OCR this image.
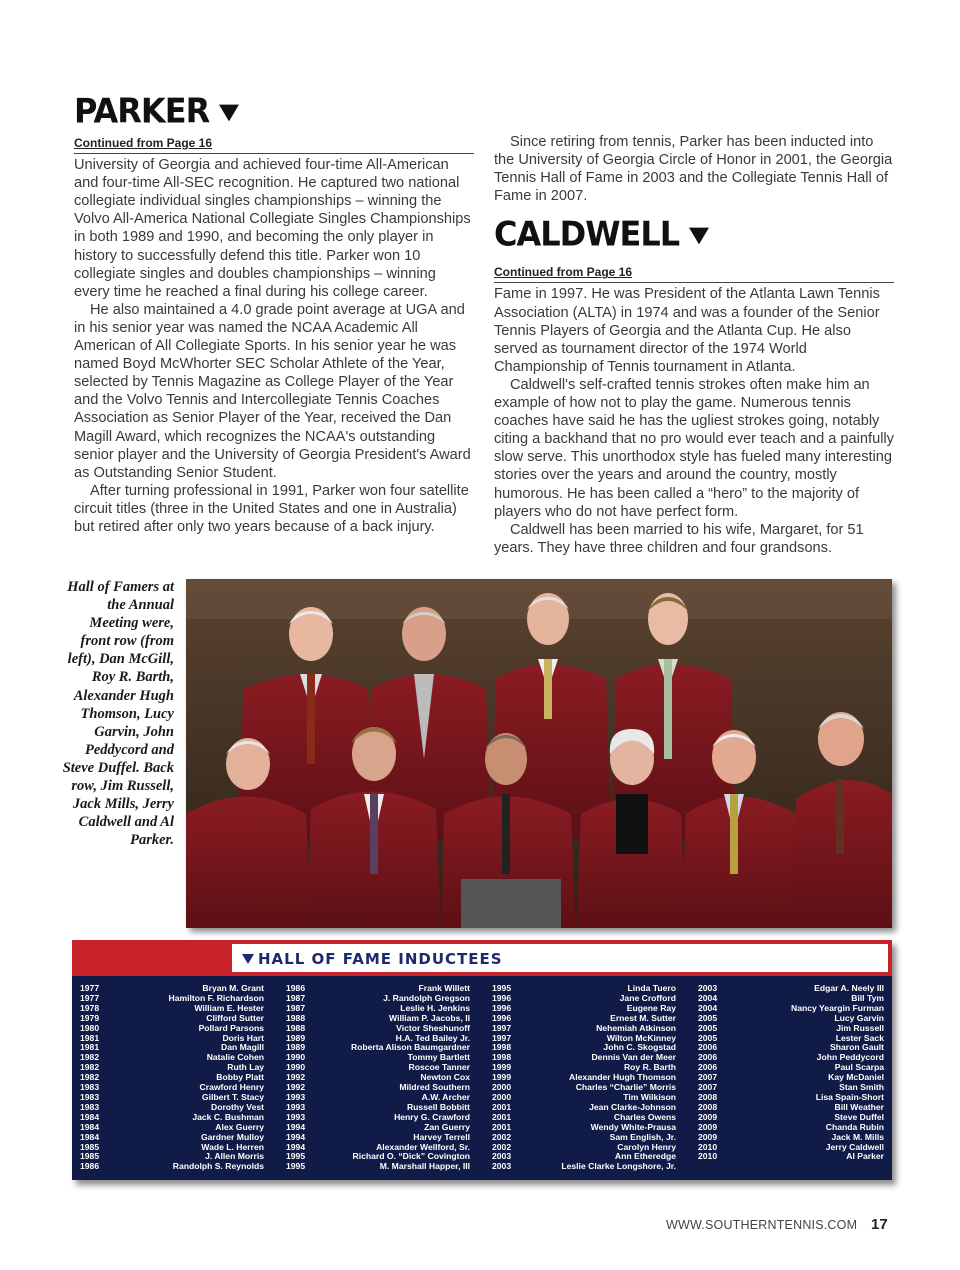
PARKER
Continued from Page 16

University of Georgia and achieved four-time All-American and four-time All-SEC recognition. He captured two national collegiate individual singles championships – winning the Volvo All-America National Collegiate Singles Championships in both 1989 and 1990, and becoming the only player in history to successfully defend this title. Parker won 10 collegiate singles and doubles championships – winning every time he reached a final during his college career.

He also maintained a 4.0 grade point average at UGA and in his senior year was named the NCAA Academic All American of All Collegiate Sports. In his senior year he was named Boyd McWhorter SEC Scholar Athlete of the Year, selected by Tennis Magazine as College Player of the Year and the Volvo Tennis and Intercollegiate Tennis Coaches Association as Senior Player of the Year, received the Dan Magill Award, which recognizes the NCAA's outstanding senior player and the University of Georgia President's Award as Outstanding Senior Student.

After turning professional in 1991, Parker won four satellite circuit titles (three in the United States and one in Australia) but retired after only two years because of a back injury.

Since retiring from tennis, Parker has been inducted into the University of Georgia Circle of Honor in 2001, the Georgia Tennis Hall of Fame in 2003 and the Collegiate Tennis Hall of Fame in 2007.

CALDWELL
Continued from Page 16

Fame in 1997. He was President of the Atlanta Lawn Tennis Association (ALTA) in 1974 and was a founder of the Senior Tennis Players of Georgia and the Atlanta Cup. He also served as tournament director of the 1974 World Championship of Tennis tournament in Atlanta.

Caldwell's self-crafted tennis strokes often make him an example of how not to play the game. Numerous tennis coaches have said he has the ugliest strokes going, notably citing a backhand that no pro would ever teach and a painfully slow serve. This unorthodox style has fueled many interesting stories over the years and around the country, mostly humorous. He has been called a “hero” to the majority of players who do not have perfect form.

Caldwell has been married to his wife, Margaret, for 51 years. They have three children and four grandsons.

Hall of Famers at the Annual Meeting were, front row (from left), Dan McGill, Roy R. Barth, Alexander Hugh Thomson, Lucy Garvin, John Peddycord and Steve Duffel. Back row, Jim Russell, Jack Mills, Jerry Caldwell and Al Parker.
HALL OF FAME INDUCTEES
1977	Bryan M. Grant
1977	Hamilton F. Richardson
1978	William E. Hester
1979	Clifford Sutter
1980	Pollard Parsons
1981	Doris Hart
1981	Dan Magill
1982	Natalie Cohen
1982	Ruth Lay
1982	Bobby Platt
1983	Crawford Henry
1983	Gilbert T. Stacy
1983	Dorothy Vest
1984	Jack C. Bushman
1984	Alex Guerry
1984	Gardner Mulloy
1985	Wade L. Herren
1985	J. Allen Morris
1986	Randolph S. Reynolds
1986	Frank Willett
1987	J. Randolph Gregson
1987	Leslie H. Jenkins
1988	William P. Jacobs, II
1988	Victor Sheshunoff
1989	H.A. Ted Bailey Jr.
1989	Roberta Alison Baumgardner
1990	Tommy Bartlett
1990	Roscoe Tanner
1992	Newton Cox
1992	Mildred Southern
1993	A.W. Archer
1993	Russell Bobbitt
1993	Henry G. Crawford
1994	Zan Guerry
1994	Harvey Terrell
1994	Alexander Wellford, Sr.
1995	Richard O. “Dick” Covington
1995	M. Marshall Happer, III
1995	Linda Tuero
1996	Jane Crofford
1996	Eugene Ray
1996	Ernest M. Sutter
1997	Nehemiah Atkinson
1997	Wilton McKinney
1998	John C. Skogstad
1998	Dennis Van der Meer
1999	Roy R. Barth
1999	Alexander Hugh Thomson
2000	Charles “Charlie” Morris
2000	Tim Wilkison
2001	Jean Clarke-Johnson
2001	Charles Owens
2001	Wendy White-Prausa
2002	Sam English, Jr.
2002	Carolyn Henry
2003	Ann Etheredge
2003	Leslie Clarke Longshore, Jr.
2003	Edgar A. Neely III
2004	Bill Tym
2004	Nancy Yeargin Furman
2005	Lucy Garvin
2005	Jim Russell
2005	Lester Sack
2006	Sharon Gault
2006	John Peddycord
2006	Paul Scarpa
2007	Kay McDaniel
2007	Stan Smith
2008	Lisa Spain-Short
2008	Bill Weather
2009	Steve Duffel
2009	Chanda Rubin
2009	Jack M. Mills
2010	Jerry Caldwell
2010	Al Parker
WWW.SOUTHERNTENNIS.COM 17
